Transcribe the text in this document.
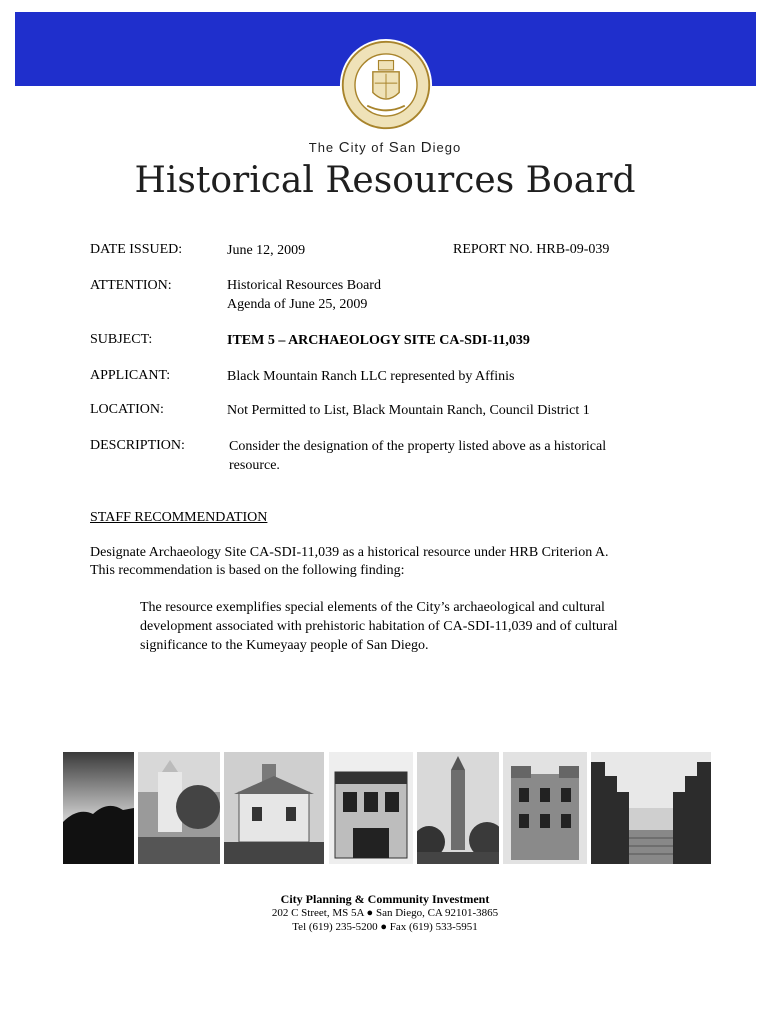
The City of San Diego
Historical Resources Board
DATE ISSUED:	June 12, 2009	REPORT NO. HRB-09-039
ATTENTION:	Historical Resources Board
Agenda of June 25, 2009
SUBJECT:	ITEM 5 – ARCHAEOLOGY SITE CA-SDI-11,039
APPLICANT:	Black Mountain Ranch LLC represented by Affinis
LOCATION:	Not Permitted to List, Black Mountain Ranch, Council District 1
DESCRIPTION:	Consider the designation of the property listed above as a historical
resource.
STAFF RECOMMENDATION
Designate Archaeology Site CA-SDI-11,039 as a historical resource under HRB Criterion A.
This recommendation is based on the following finding:
The resource exemplifies special elements of the City’s archaeological and cultural
development associated with prehistoric habitation of CA-SDI-11,039 and of cultural
significance to the Kumeyaay people of San Diego.
City Planning & Community Investment
202 C Street, MS 5A ● San Diego, CA 92101-3865
Tel (619) 235-5200 ● Fax (619) 533-5951
